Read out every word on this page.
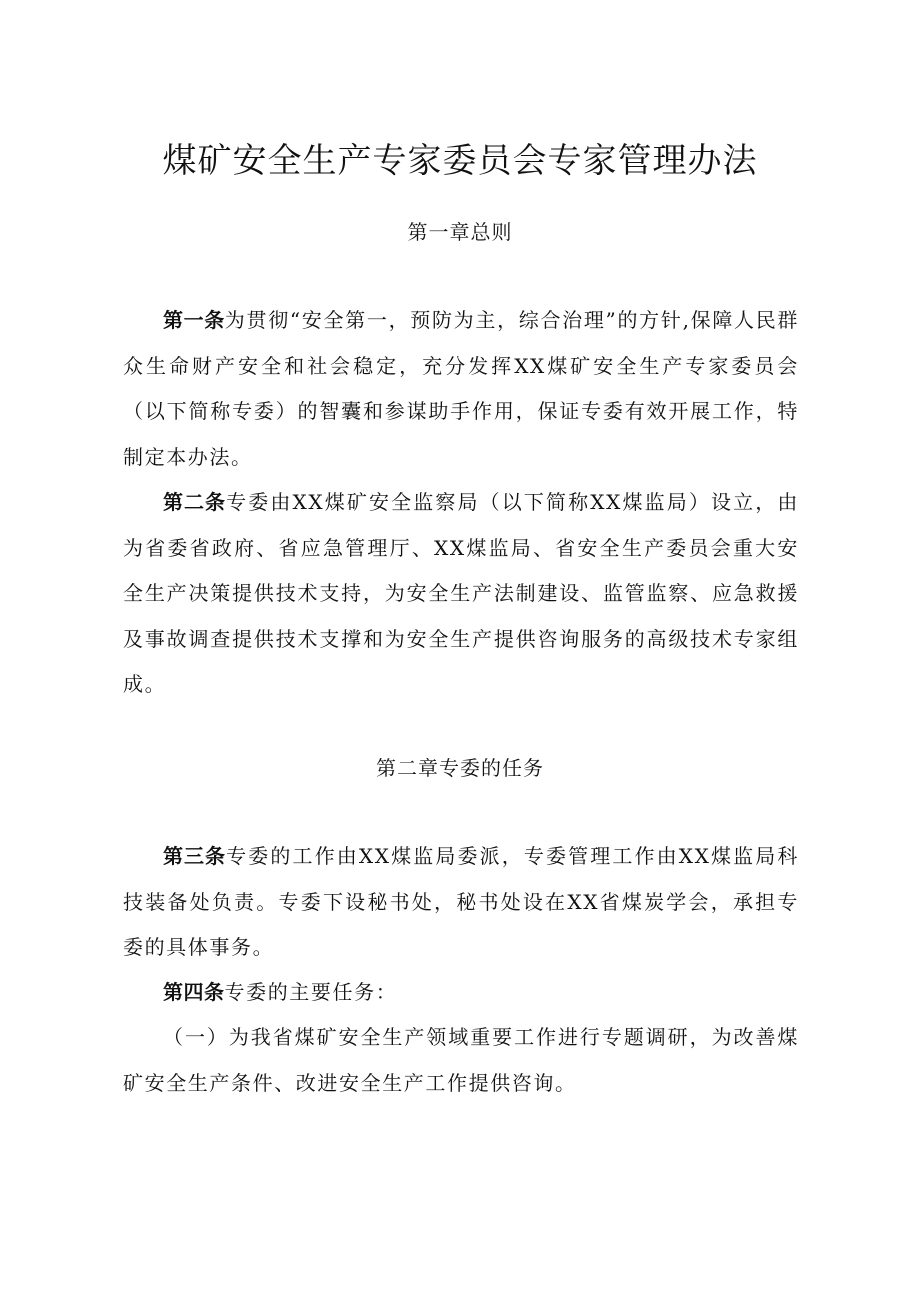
煤矿安全生产专家委员会专家管理办法
第一章总则

第一条为贯彻“安全第一，预防为主，综合治理”的方针,保障人民群众生命财产安全和社会稳定，充分发挥XX煤矿安全生产专家委员会（以下简称专委）的智囊和参谋助手作用，保证专委有效开展工作，特制定本办法。

第二条专委由XX煤矿安全监察局（以下简称XX煤监局）设立，由为省委省政府、省应急管理厅、XX煤监局、省安全生产委员会重大安全生产决策提供技术支持，为安全生产法制建设、监管监察、应急救援及事故调查提供技术支撑和为安全生产提供咨询服务的高级技术专家组成。

第二章专委的任务

第三条专委的工作由XX煤监局委派，专委管理工作由XX煤监局科技装备处负责。专委下设秘书处，秘书处设在XX省煤炭学会，承担专委的具体事务。

第四条专委的主要任务：

（一）为我省煤矿安全生产领域重要工作进行专题调研，为改善煤矿安全生产条件、改进安全生产工作提供咨询。
